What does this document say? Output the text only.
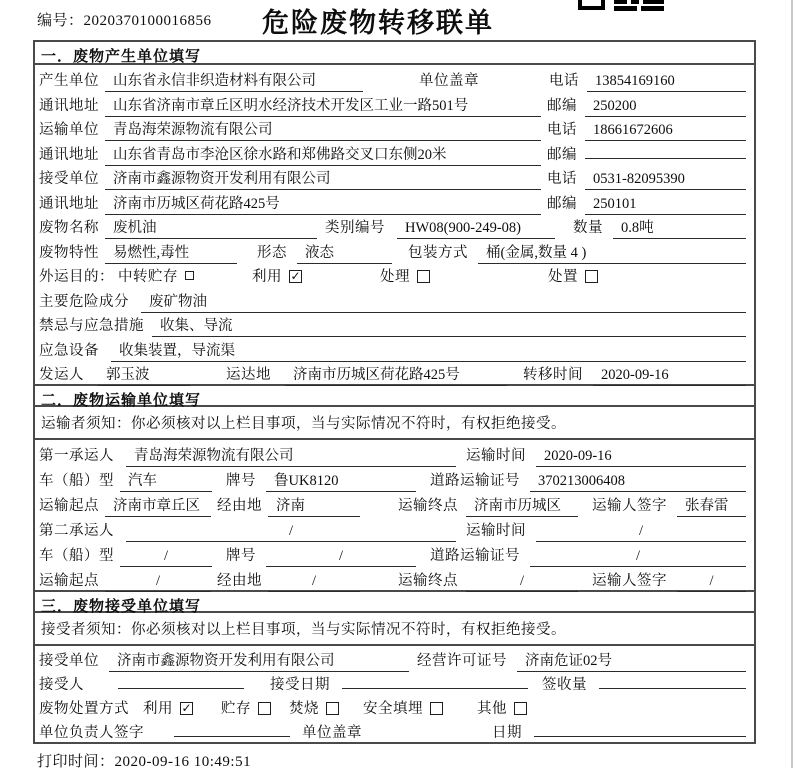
编号：2020370100016856	危险废物转移联单
一．废物产生单位填写
产生单位 山东省永信非织造材料有限公司	单位盖章	电话	13854169160
通讯地址 山东省济南市章丘区明水经济技术开发区工业一路501号	邮编	250200
运输单位 青岛海荣源物流有限公司	电话	18661672606
通讯地址 山东省青岛市李沧区徐水路和郑佛路交叉口东侧20米	邮编
接受单位 济南市鑫源物资开发利用有限公司	电话	0531-82095390
通讯地址 济南市历城区荷花路425号	邮编	250101
废物名称 废机油	类别编号	HW08(900-249-08)	数量	0.8吨
废物特性 易燃性,毒性	形态	液态	包装方式	桶(金属,数量 4 )
外运目的： 中转贮存	利用 ✓	处理	处置
主要危险成分	废矿物油
禁忌与应急措施	收集、导流
应急设备	收集装置，导流渠
发运人	郭玉波	运达地	济南市历城区荷花路425号	转移时间	2020-09-16
二．废物运输单位填写
运输者须知：你必须核对以上栏目事项，当与实际情况不符时，有权拒绝接受。
第一承运人	青岛海荣源物流有限公司	运输时间	2020-09-16
车（船）型 汽车	牌号	鲁UK8120	道路运输证号	370213006408
运输起点 济南市章丘区	经由地 济南	运输终点	济南市历城区	运输人签字	张春雷
第二承运人	/	运输时间	/
车（船）型	/	牌号	/	道路运输证号	/
运输起点	/	经由地	/	运输终点	/	运输人签字	/
三．废物接受单位填写
接受者须知：你必须核对以上栏目事项，当与实际情况不符时，有权拒绝接受。
接受单位	济南市鑫源物资开发利用有限公司	经营许可证号	济南危证02号
接受人	接受日期	签收量
废物处置方式 利用 ✓ 贮存	焚烧	安全填埋	其他
单位负责人签字	单位盖章	日期
打印时间：2020-09-16 10:49:51
